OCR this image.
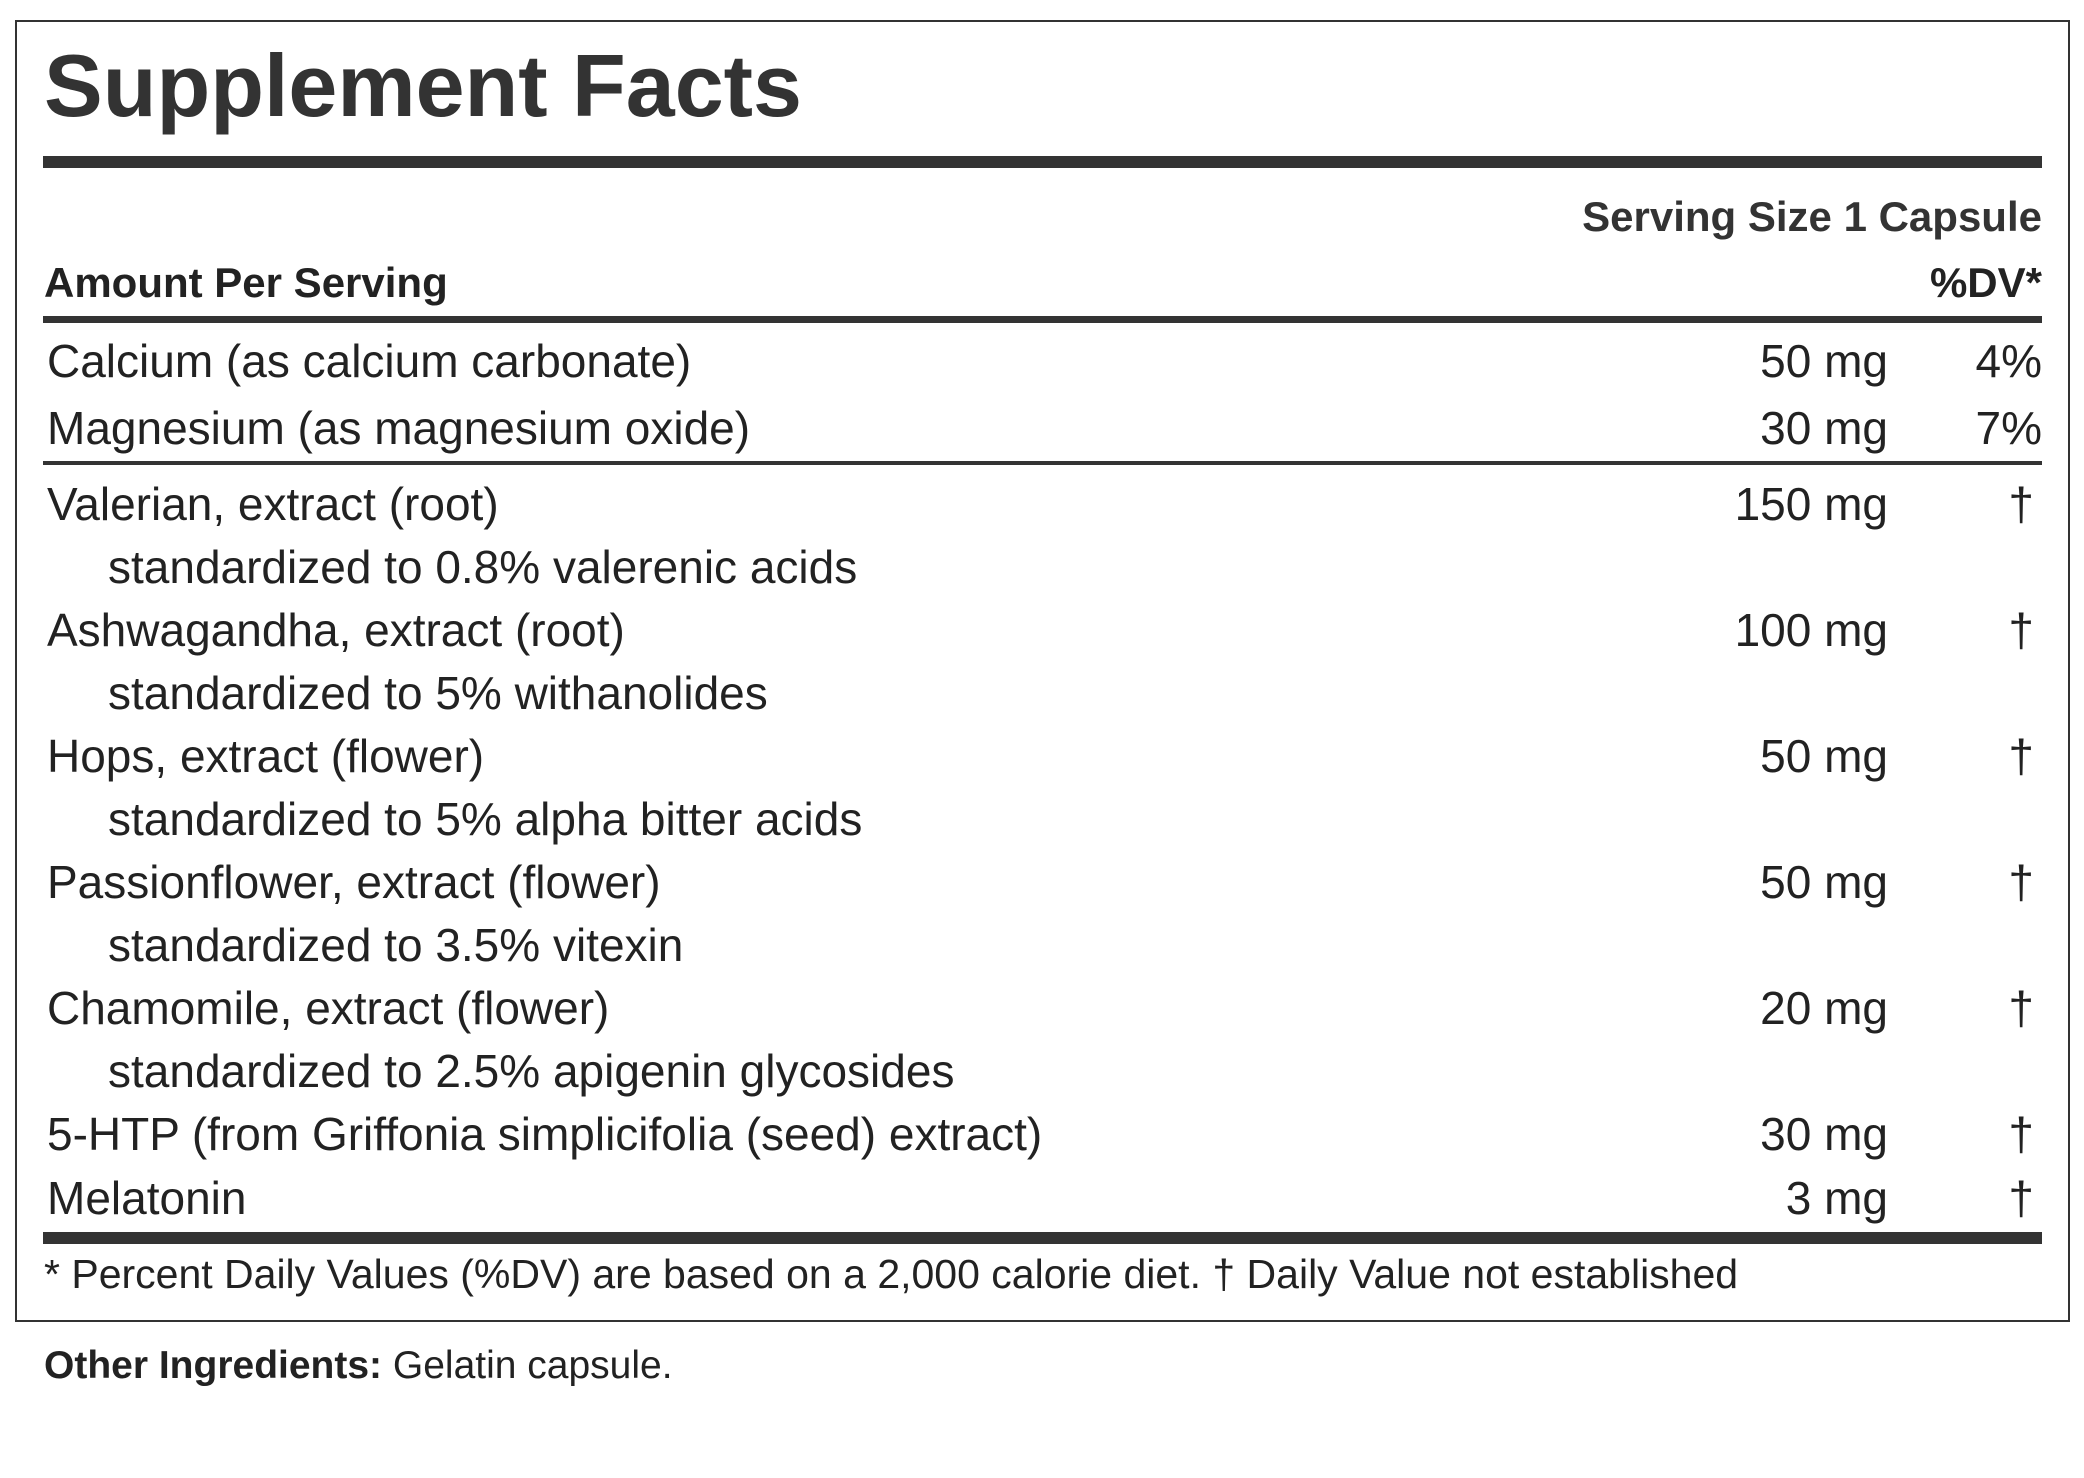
Supplement Facts
Serving Size 1 Capsule
Amount Per Serving	%DV*
Calcium (as calcium carbonate)	50 mg 4%
Magnesium (as magnesium oxide)	30 mg 7%
Valerian, extract (root)	150 mg	†
standardized to 0.8% valerenic acids
Ashwagandha, extract (root)	100 mg	†
standardized to 5% withanolides
Hops, extract (flower)	50 mg	†
standardized to 5% alpha bitter acids
Passionflower, extract (flower)	50 mg	†
standardized to 3.5% vitexin
Chamomile, extract (flower)	20 mg	†
standardized to 2.5% apigenin glycosides
5-HTP (from Griffonia simplicifolia (seed) extract)	30 mg	†
Melatonin	3 mg	†
* Percent Daily Values (%DV) are based on a 2,000 calorie diet. † Daily Value not established
Other Ingredients: Gelatin capsule.
